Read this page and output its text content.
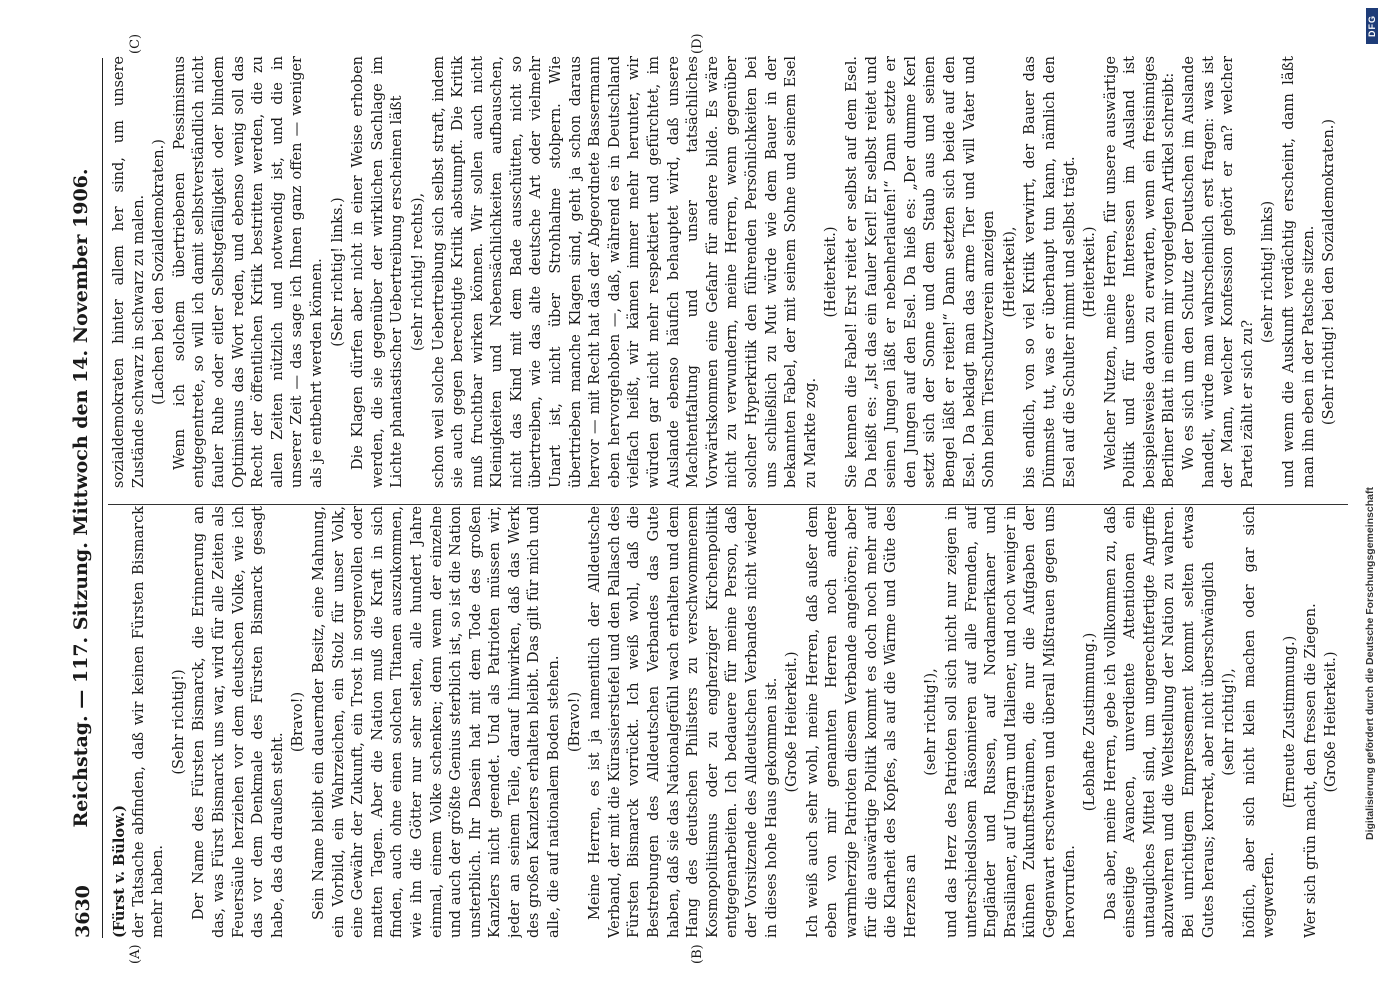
3630
Reichstag. — 117. Sitzung. Mittwoch den 14. November 1906.
(A)	(B)
(C)	(D)

(Fürst v. Bülow.) der Tatsache abfinden, daß wir keinen Fürsten Bismarck mehr haben.

(Sehr richtig!) Der Name des Fürsten Bismarck, die Erinnerung an das, was Fürst Bismarck uns war, wird für alle Zeiten als Feuersäule herziehen vor dem deutschen Volke, wie ich das vor dem Denkmale des Fürsten Bismarck gesagt habe, das da draußen steht.

(Bravo!) Sein Name bleibt ein dauernder Besitz, eine Mahnung, ein Vorbild, ein Wahrzeichen, ein Stolz für unser Volk, eine Gewähr der Zukunft, ein Trost in sorgenvollen oder matten Tagen. Aber die Nation muß die Kraft in sich finden, auch ohne einen solchen Titanen auszukommen, wie ihn die Götter nur sehr selten, alle hundert Jahre einmal, einem Volke schenken; denn wenn der einzelne und auch der größte Genius sterblich ist, so ist die Nation unsterblich. Ihr Dasein hat mit dem Tode des großen Kanzlers nicht geendet. Und als Patrioten müssen wir, jeder an seinem Teile, darauf hinwirken, daß das Werk des großen Kanzlers erhalten bleibt. Das gilt für mich und alle, die auf nationalem Boden stehen. (Bravo!) Meine Herren, es ist ja namentlich der Alldeutsche Verband, der mit die Kürassierstiefel und den Pallasch des Fürsten Bismarck vorrückt. Ich weiß wohl, daß die Bestrebungen des Alldeutschen Verbandes das Gute haben, daß sie das Nationalgefühl wach erhalten und dem Hang des deutschen Philisters zu verschwommenem Kosmopolitismus oder zu engherziger Kirchenpolitik entgegenarbeiten. Ich bedauere für meine Person, daß der Vorsitzende des Alldeutschen Verbandes nicht wieder in dieses hohe Haus gekommen ist. (Große Heiterkeit.) Ich weiß auch sehr wohl, meine Herren, daß außer dem eben von mir genannten Herren noch andere warmherzige Patrioten diesem Verbande angehören; aber für die auswärtige Politik kommt es doch noch mehr auf die Klarheit des Kopfes, als auf die Wärme und Güte des Herzens an

(sehr richtig!), und das Herz des Patrioten soll sich nicht nur zeigen in unterschiedslosem Räsonnieren auf alle Fremden, auf Engländer und Russen, auf Nordamerikaner und Brasilianer, auf Ungarn und Italiener, und noch weniger in kühnen Zukunftsträumen, die nur die Aufgaben der Gegenwart erschweren und überall Mißtrauen gegen uns hervorrufen.

(Lebhafte Zustimmung.) Das aber, meine Herren, gebe ich vollkommen zu, daß einseitige Avancen, unverdiente Attentionen ein untaugliches Mittel sind, um ungerechtfertigte Angriffe abzuwehren und die Weltstellung der Nation zu wahren. Bei unrichtigem Empressement kommt selten etwas Gutes heraus; korrekt, aber nicht überschwänglich (sehr richtig!), höflich, aber sich nicht klein machen oder gar sich wegwerfen.

(Erneute Zustimmung.) Wer sich grün macht, den fressen die Ziegen. (Große Heiterkeit.)

sozialdemokraten hinter allem her sind, um unsere Zustände schwarz in schwarz zu malen. (Lachen bei den Sozialdemokraten.) Wenn ich solchem übertriebenen Pessimismus entgegentrete, so will ich damit selbstverständlich nicht fauler Ruhe oder eitler Selbstgefälligkeit oder blindem Optimismus das Wort reden, und ebenso wenig soll das Recht der öffentlichen Kritik bestritten werden, die zu allen Zeiten nützlich und notwendig ist, und die in unserer Zeit — das sage ich Ihnen ganz offen — weniger als je entbehrt werden können. (Sehr richtig! links.) Die Klagen dürfen aber nicht in einer Weise erhoben werden, die sie gegenüber der wirklichen Sachlage im Lichte phantastischer Uebertreibung erscheinen läßt (sehr richtig! rechts), schon weil solche Uebertreibung sich selbst straft, indem sie auch gegen berechtigte Kritik abstumpft. Die Kritik muß fruchtbar wirken können. Wir sollen auch nicht Kleinigkeiten und Nebensächlichkeiten aufbauschen, nicht das Kind mit dem Bade ausschütten, nicht so übertreiben, wie das alte deutsche Art oder vielmehr Unart ist, nicht über Strohhalme stolpern. Wie übertrieben manche Klagen sind, geht ja schon daraus hervor — mit Recht hat das der Abgeordnete Bassermann eben hervorgehoben —, daß, während es in Deutschland vielfach heißt, wir kämen immer mehr herunter, wir würden gar nicht mehr respektiert und gefürchtet, im Auslande ebenso häufich behauptet wird, daß unsere Machtentfaltung und unser tatsächliches Vorwärtskommen eine Gefahr für andere bilde. Es wäre nicht zu verwundern, meine Herren, wenn gegenüber solcher Hyperkritik den führenden Persönlichkeiten bei uns schließlich zu Mut würde wie dem Bauer in der bekannten Fabel, der mit seinem Sohne und seinem Esel zu Markte zog.

(Heiterkeit.) Sie kennen die Fabel! Erst reitet er selbst auf dem Esel. Da heißt es: „Ist das ein fauler Kerl! Er selbst reitet und seinen Jungen läßt er nebenherlaufen!“ Dann setzte er den Jungen auf den Esel. Da hieß es: „Der dumme Kerl setzt sich der Sonne und dem Staub aus und seinen Bengel läßt er reiten!“ Dann setzten sich beide auf den Esel. Da beklagt man das arme Tier und will Vater und Sohn beim Tierschutzverein anzeigen (Heiterkeit), bis endlich, von so viel Kritik verwirrt, der Bauer das Dümmste tut, was er überhaupt tun kann, nämlich den Esel auf die Schulter nimmt und selbst trägt. (Heiterkeit.) Welcher Nutzen, meine Herren, für unsere auswärtige Politik und für unsere Interessen im Ausland ist beispielsweise davon zu erwarten, wenn ein freisinniges Berliner Blatt in einem mir vorgelegten Artikel schreibt: Wo es sich um den Schutz der Deutschen im Auslande handelt, würde man wahrscheinlich erst fragen: was ist der Mann, welcher Konfession gehört er an? welcher Partei zählt er sich zu?

(sehr richtig! links) und wenn die Auskunft verdächtig erscheint, dann läßt man ihn eben in der Patsche sitzen. (Sehr richtig! bei den Sozialdemokraten.)

DFG
Digitalisierung gefördert durch die Deutsche Forschungsgemeinschaft
